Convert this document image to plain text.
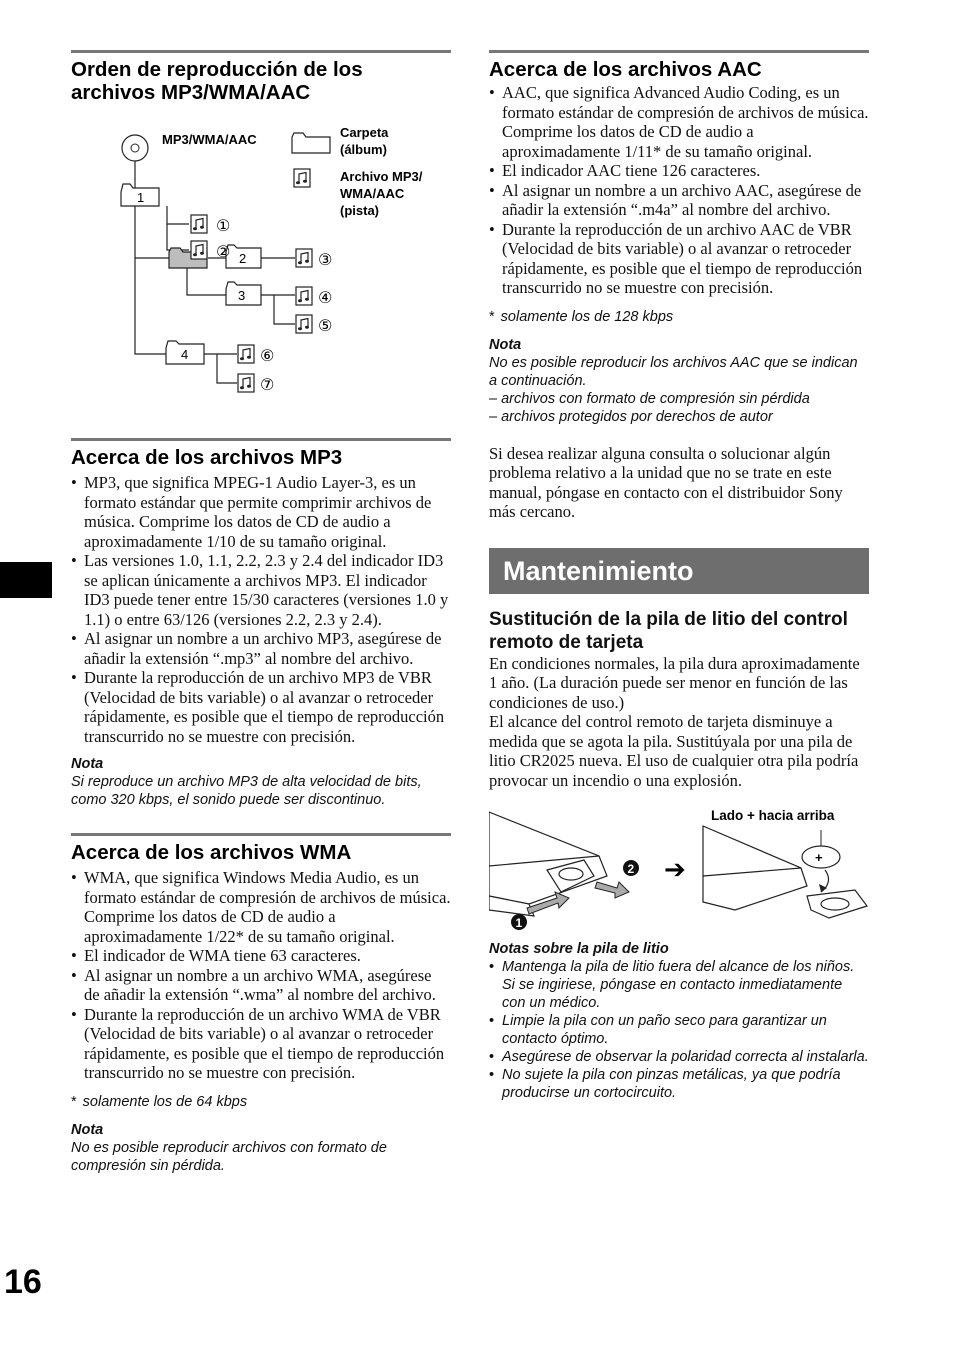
Orden de reproducción de los archivos MP3/WMA/AAC
MP3/WMA/AAC	Carpeta (álbum)
Archivo MP3/ WMA/AAC (pista)
1
2
3
4
①
②	③
④
⑤
⑥
⑦
Acerca de los archivos MP3
• MP3, que significa MPEG-1 Audio Layer-3, es un formato estándar que permite comprimir archivos de música. Comprime los datos de CD de audio a aproximadamente 1/10 de su tamaño original.
• Las versiones 1.0, 1.1, 2.2, 2.3 y 2.4 del indicador ID3 se aplican únicamente a archivos MP3. El indicador ID3 puede tener entre 15/30 caracteres (versiones 1.0 y 1.1) o entre 63/126 (versiones 2.2, 2.3 y 2.4).
• Al asignar un nombre a un archivo MP3, asegúrese de añadir la extensión “.mp3” al nombre del archivo.
• Durante la reproducción de un archivo MP3 de VBR (Velocidad de bits variable) o al avanzar o retroceder rápidamente, es posible que el tiempo de reproducción transcurrido no se muestre con precisión.
Nota
Si reproduce un archivo MP3 de alta velocidad de bits, como 320 kbps, el sonido puede ser discontinuo.
Acerca de los archivos WMA
• WMA, que significa Windows Media Audio, es un formato estándar de compresión de archivos de música. Comprime los datos de CD de audio a aproximadamente 1/22* de su tamaño original.
• El indicador de WMA tiene 63 caracteres.
• Al asignar un nombre a un archivo WMA, asegúrese de añadir la extensión “.wma” al nombre del archivo.
• Durante la reproducción de un archivo WMA de VBR (Velocidad de bits variable) o al avanzar o retroceder rápidamente, es posible que el tiempo de reproducción transcurrido no se muestre con precisión.
* solamente los de 64 kbps
Nota
No es posible reproducir archivos con formato de compresión sin pérdida.
Acerca de los archivos AAC
• AAC, que significa Advanced Audio Coding, es un formato estándar de compresión de archivos de música. Comprime los datos de CD de audio a aproximadamente 1/11* de su tamaño original.
• El indicador AAC tiene 126 caracteres.
• Al asignar un nombre a un archivo AAC, asegúrese de añadir la extensión “.m4a” al nombre del archivo.
• Durante la reproducción de un archivo AAC de VBR (Velocidad de bits variable) o al avanzar o retroceder rápidamente, es posible que el tiempo de reproducción transcurrido no se muestre con precisión.
* solamente los de 128 kbps
Nota
No es posible reproducir los archivos AAC que se indican a continuación.
– archivos con formato de compresión sin pérdida
– archivos protegidos por derechos de autor

Si desea realizar alguna consulta o solucionar algún problema relativo a la unidad que no se trate en este manual, póngase en contacto con el distribuidor Sony más cercano.

Mantenimiento
Sustitución de la pila de litio del control remoto de tarjeta

En condiciones normales, la pila dura aproximadamente 1 año. (La duración puede ser menor en función de las condiciones de uso.)

El alcance del control remoto de tarjeta disminuye a medida que se agota la pila. Sustitúyala por una pila de litio CR2025 nueva. El uso de cualquier otra pila podría provocar un incendio o una explosión.

1
2 ➔	+
Lado + hacia arriba
Notas sobre la pila de litio
• Mantenga la pila de litio fuera del alcance de los niños. Si se ingiriese, póngase en contacto inmediatamente con un médico.
• Limpie la pila con un paño seco para garantizar un contacto óptimo.
• Asegúrese de observar la polaridad correcta al instalarla.
• No sujete la pila con pinzas metálicas, ya que podría producirse un cortocircuito.
16
